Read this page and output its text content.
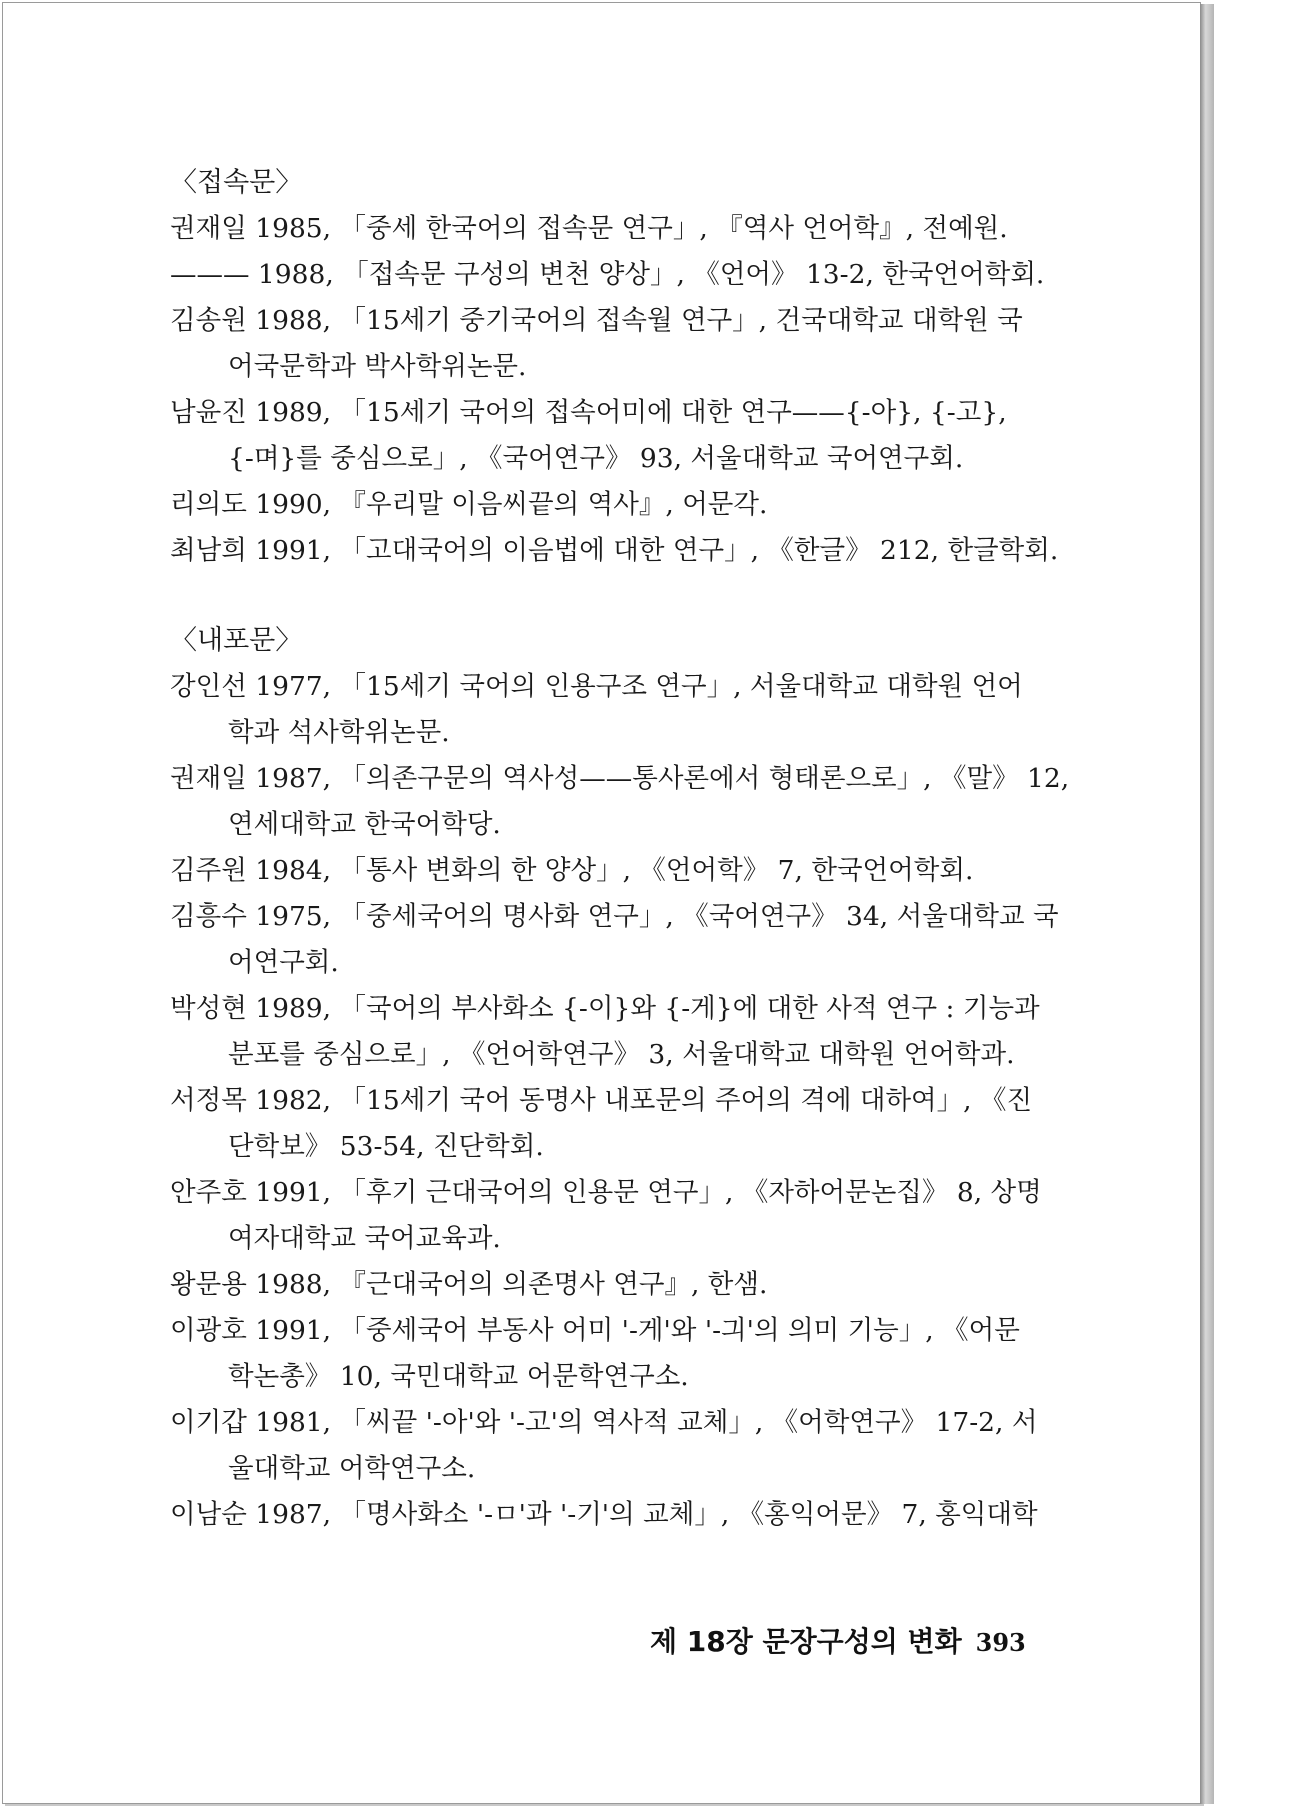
〈접속문〉
권재일 1985, 「중세 한국어의 접속문 연구」, 『역사 언어학』, 전예원.
——— 1988, 「접속문 구성의 변천 양상」, 《언어》 13-2, 한국언어학회.
김송원 1988, 「15세기 중기국어의 접속월 연구」, 건국대학교 대학원 국
어국문학과 박사학위논문.
남윤진 1989, 「15세기 국어의 접속어미에 대한 연구——{-아}, {-고},
{-며}를 중심으로」, 《국어연구》 93, 서울대학교 국어연구회.
리의도 1990, 『우리말 이음씨끝의 역사』, 어문각.
최남희 1991, 「고대국어의 이음법에 대한 연구」, 《한글》 212, 한글학회.
〈내포문〉
강인선 1977, 「15세기 국어의 인용구조 연구」, 서울대학교 대학원 언어
학과 석사학위논문.
권재일 1987, 「의존구문의 역사성——통사론에서 형태론으로」, 《말》 12,
연세대학교 한국어학당.
김주원 1984, 「통사 변화의 한 양상」, 《언어학》 7, 한국언어학회.
김흥수 1975, 「중세국어의 명사화 연구」, 《국어연구》 34, 서울대학교 국
어연구회.
박성현 1989, 「국어의 부사화소 {-이}와 {-게}에 대한 사적 연구 : 기능과
분포를 중심으로」, 《언어학연구》 3, 서울대학교 대학원 언어학과.
서정목 1982, 「15세기 국어 동명사 내포문의 주어의 격에 대하여」, 《진
단학보》 53-54, 진단학회.
안주호 1991, 「후기 근대국어의 인용문 연구」, 《자하어문논집》 8, 상명
여자대학교 국어교육과.
왕문용 1988, 『근대국어의 의존명사 연구』, 한샘.
이광호 1991, 「중세국어 부동사 어미 '-게'와 '-긔'의 의미 기능」, 《어문
학논총》 10, 국민대학교 어문학연구소.
이기갑 1981, 「씨끝 '-아'와 '-고'의 역사적 교체」, 《어학연구》 17-2, 서
울대학교 어학연구소.
이남순 1987, 「명사화소 '-ㅁ'과 '-기'의 교체」, 《홍익어문》 7, 홍익대학
제 18장 문장구성의 변화 393
